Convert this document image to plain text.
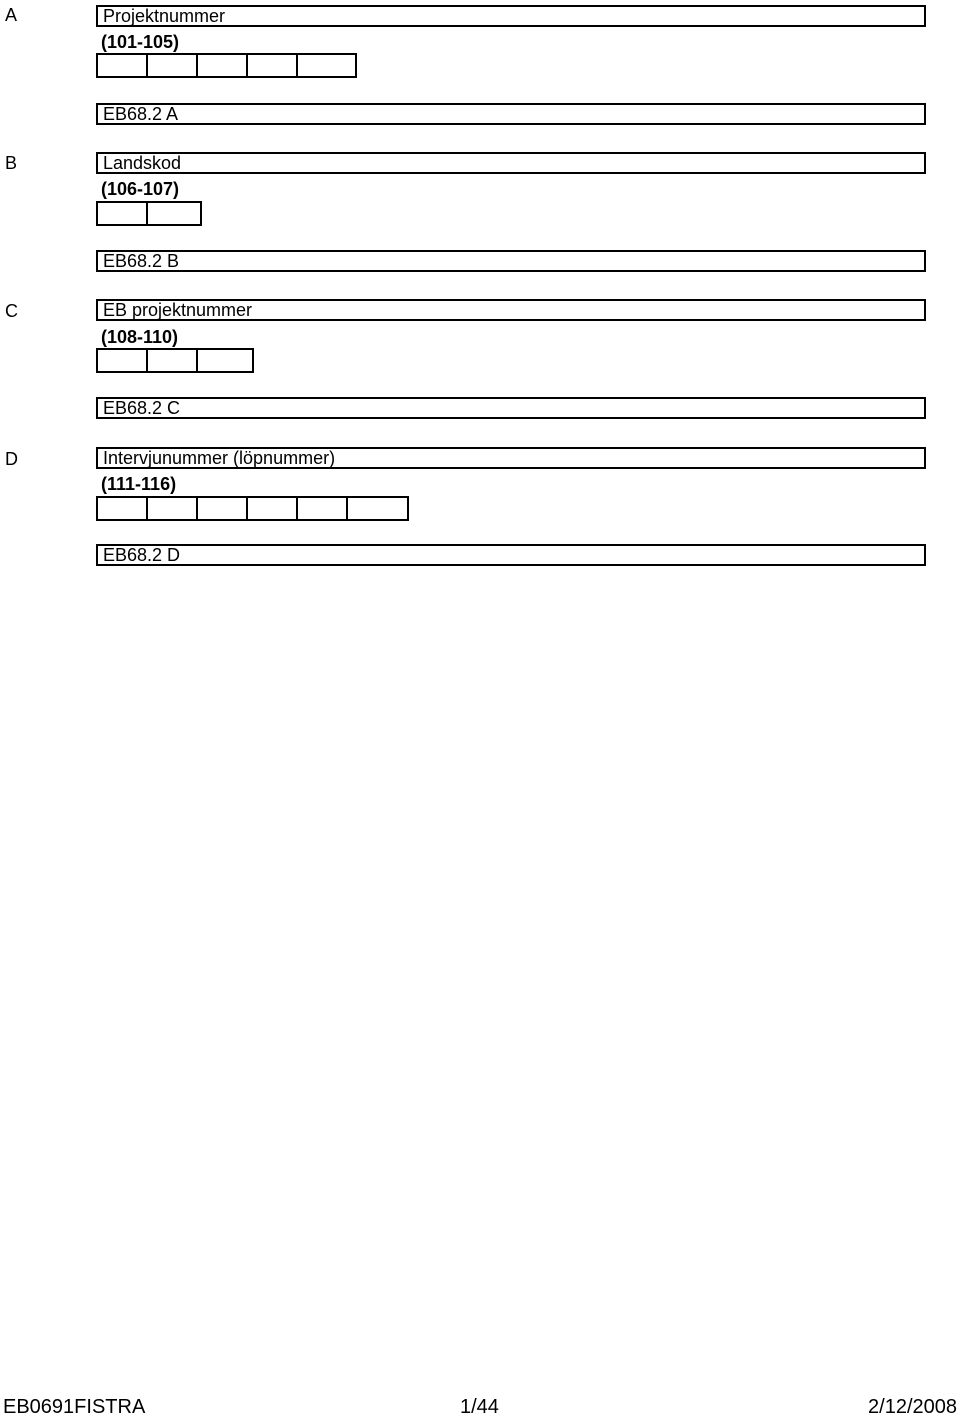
A	Projektnummer
(101-105)
EB68.2 A
B	Landskod
(106-107)
EB68.2 B
C	EB projektnummer
(108-110)
EB68.2 C
D	Intervjunummer (löpnummer)
(111-116)
EB68.2 D
EB0691FISTRA	1/44	2/12/2008
